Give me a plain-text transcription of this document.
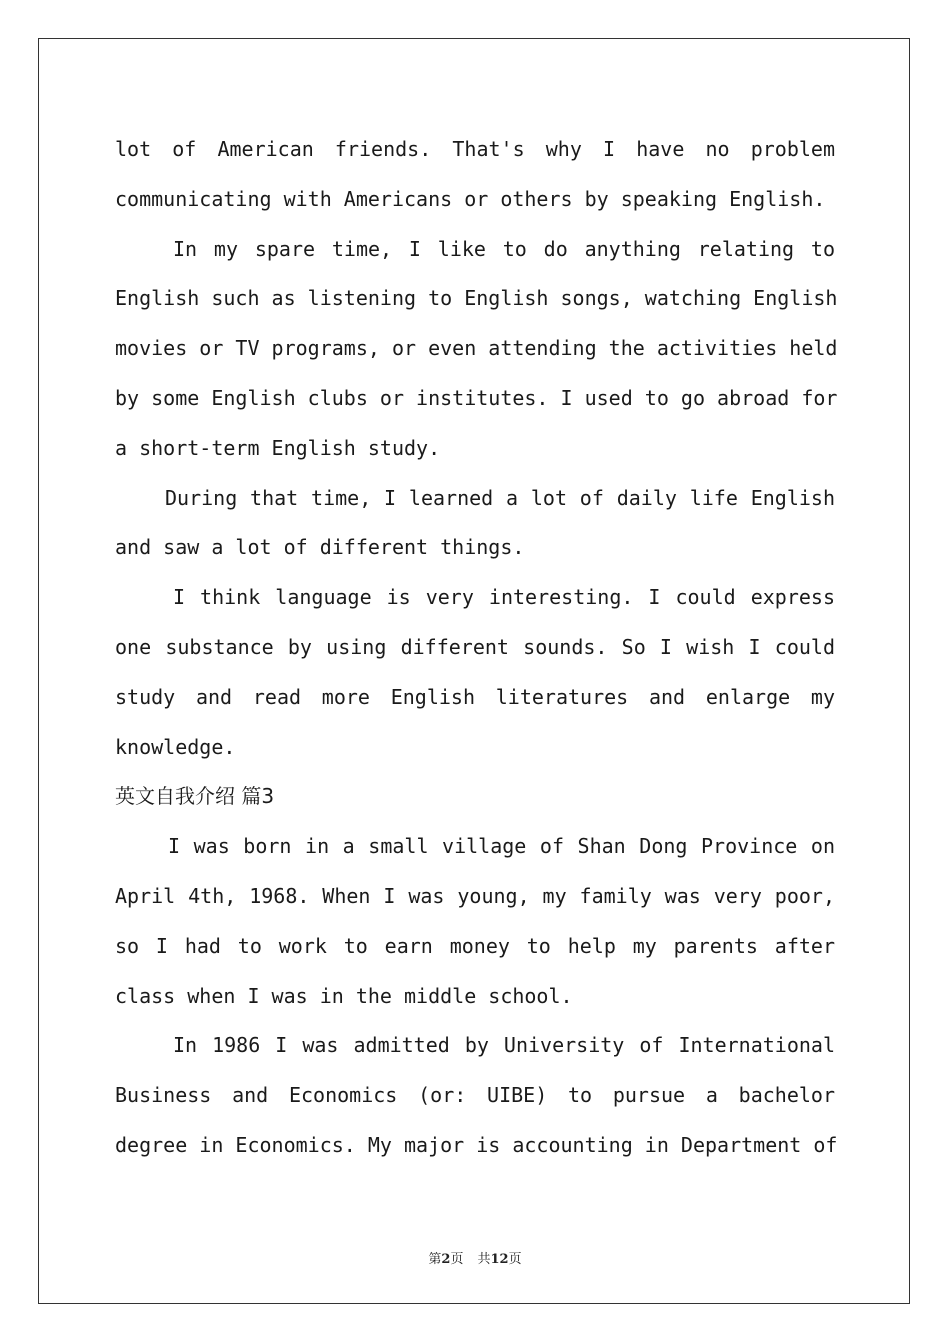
lot of American friends. That's why I have no problem
communicating with Americans or others by speaking English.
In my spare time, I like to do anything relating to
English such as listening to English songs, watching English
movies or TV programs, or even attending the activities held
by some English clubs or institutes. I used to go abroad for
a short-term English study.
During that time, I learned a lot of daily life English
and saw a lot of different things.
I think language is very interesting. I could express
one substance by using different sounds. So I wish I could
study and read more English literatures and enlarge my
knowledge.
英文自我介绍 篇3
I was born in a small village of Shan Dong Province on
April 4th, 1968. When I was young, my family was very poor,
so I had to work to earn money to help my parents after
class when I was in the middle school.
In 1986 I was admitted by University of International
Business and Economics (or: UIBE) to pursue a bachelor
degree in Economics. My major is accounting in Department of
第2页 共12页
